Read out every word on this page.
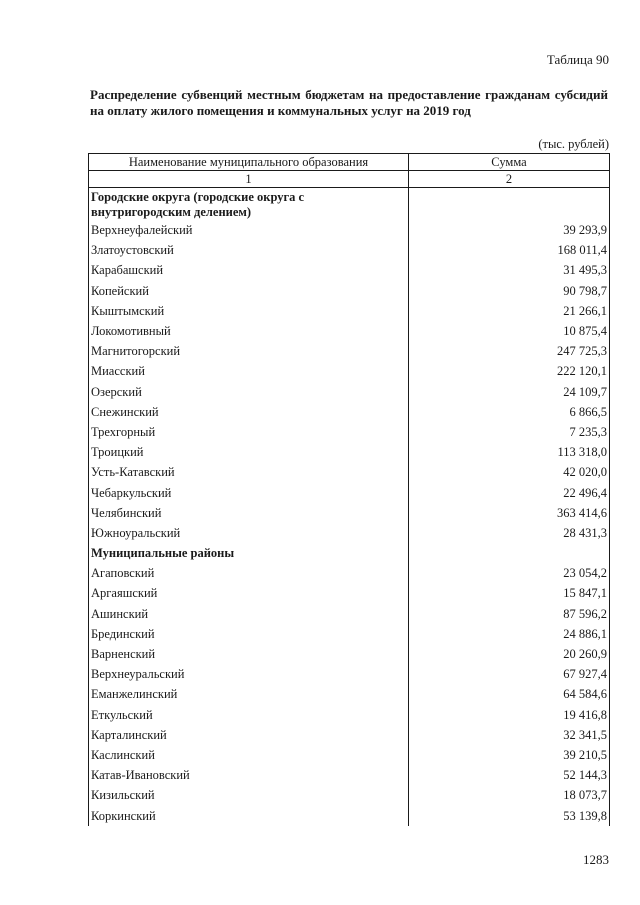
Таблица 90
Распределение субвенций местным бюджетам на предоставление гражданам субсидий на оплату жилого помещения и коммунальных услуг на 2019 год
(тыс. рублей)
Наименование муниципального образования	Сумма
1	2
Городские округа (городские округа с внутригородским делением)	
Верхнеуфалейский	39 293,9
Златоустовский	168 011,4
Карабашский	31 495,3
Копейский	90 798,7
Кыштымский	21 266,1
Локомотивный	10 875,4
Магнитогорский	247 725,3
Миасский	222 120,1
Озерский	24 109,7
Снежинский	6 866,5
Трехгорный	7 235,3
Троицкий	113 318,0
Усть-Катавский	42 020,0
Чебаркульский	22 496,4
Челябинский	363 414,6
Южноуральский	28 431,3
Муниципальные районы	
Агаповский	23 054,2
Аргаяшский	15 847,1
Ашинский	87 596,2
Брединский	24 886,1
Варненский	20 260,9
Верхнеуральский	67 927,4
Еманжелинский	64 584,6
Еткульский	19 416,8
Карталинский	32 341,5
Каслинский	39 210,5
Катав-Ивановский	52 144,3
Кизильский	18 073,7
Коркинский	53 139,8
1283
